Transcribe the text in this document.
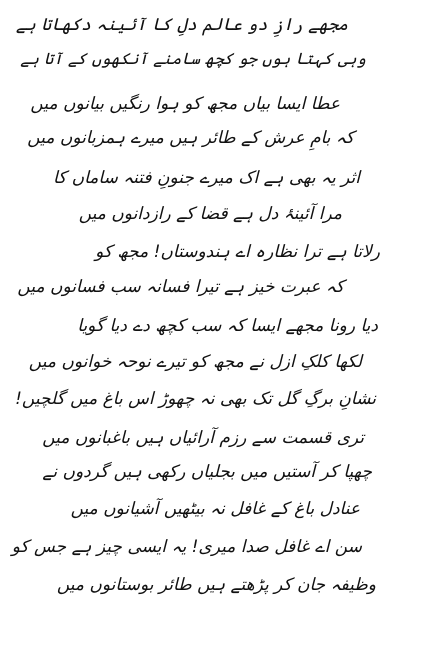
مجھے رازِ دو عالم دلِ کا آئینہ دکھاتا ہے
وہی کہتا ہوں جو کچھ سامنے آنکھوں کے آتا ہے
عطا ایسا بیاں مجھ کو ہوا رنگیں بیانوں میں
کہ بامِ عرش کے طائر ہیں میرے ہمزبانوں میں
اثر یہ بھی ہے اک میرے جنونِ فتنہ ساماں کا
مرا آئینۂ دل ہے قضا کے رازدانوں میں
رلاتا ہے ترا نظارہ اے ہندوستاں! مجھ کو
کہ عبرت خیز ہے تیرا فسانہ سب فسانوں میں
دیا رونا مجھے ایسا کہ سب کچھ دے دیا گویا
لکھا کلکِ ازل نے مجھ کو تیرے نوحہ خوانوں میں
نشانِ برگِ گل تک بھی نہ چھوڑ اس باغ میں گلچیں!
تری قسمت سے رزم آرائیاں ہیں باغبانوں میں
چھپا کر آستیں میں بجلیاں رکھی ہیں گردوں نے
عنادل باغ کے غافل نہ بیٹھیں آشیانوں میں
سن اے غافل صدا میری! یہ ایسی چیز ہے جس کو
وظیفہ جان کر پڑھتے ہیں طائر بوستانوں میں
